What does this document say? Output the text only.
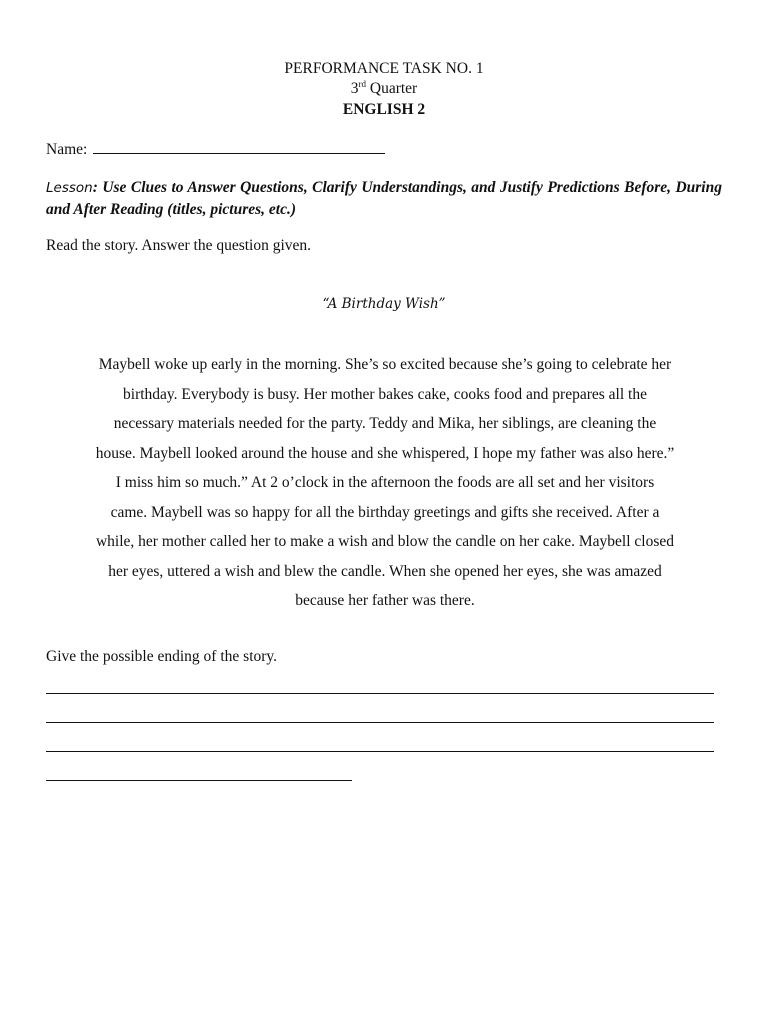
PERFORMANCE TASK NO. 1
3rd Quarter
ENGLISH 2
Name:
Lesson: Use Clues to Answer Questions, Clarify Understandings, and Justify Predictions Before, During and After Reading (titles, pictures, etc.)
Read the story. Answer the question given.
“A Birthday Wish”
Maybell woke up early in the morning. She’s so excited because she’s going to celebrate her
birthday. Everybody is busy. Her mother bakes cake, cooks food and prepares all the
necessary materials needed for the party. Teddy and Mika, her siblings, are cleaning the
house. Maybell looked around the house and she whispered, I hope my father was also here.”
I miss him so much.” At 2 o’clock in the afternoon the foods are all set and her visitors
came. Maybell was so happy for all the birthday greetings and gifts she received. After a
while, her mother called her to make a wish and blow the candle on her cake. Maybell closed
her eyes, uttered a wish and blew the candle. When she opened her eyes, she was amazed
because her father was there.
Give the possible ending of the story.
